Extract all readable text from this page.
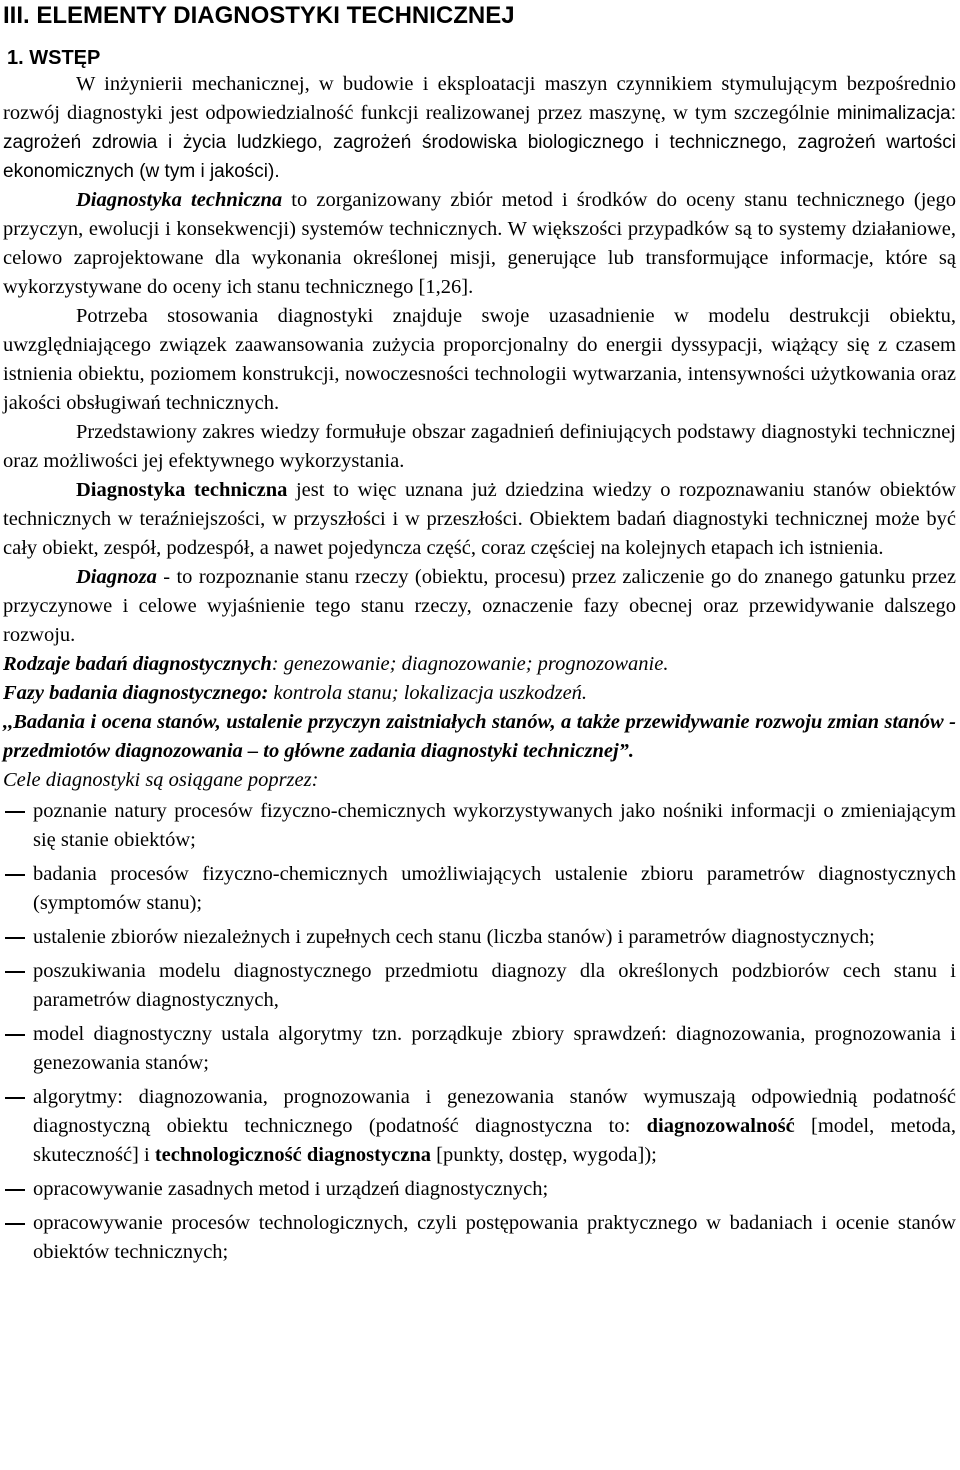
III. ELEMENTY DIAGNOSTYKI TECHNICZNEJ
1. WSTĘP

W inżynierii mechanicznej, w budowie i eksploatacji maszyn czynnikiem stymulującym bezpośrednio rozwój diagnostyki jest odpowiedzialność funkcji realizowanej przez maszynę, w tym szczególnie minimalizacja: zagrożeń zdrowia i życia ludzkiego, zagrożeń środowiska biologicznego i technicznego, zagrożeń wartości ekonomicznych (w tym i jakości).

Diagnostyka techniczna to zorganizowany zbiór metod i środków do oceny stanu technicznego (jego przyczyn, ewolucji i konsekwencji) systemów technicznych. W większości przypadków są to systemy działaniowe, celowo zaprojektowane dla wykonania określonej misji, generujące lub transformujące informacje, które są wykorzystywane do oceny ich stanu technicznego [1,26].

Potrzeba stosowania diagnostyki znajduje swoje uzasadnienie w modelu destrukcji obiektu, uwzględniającego związek zaawansowania zużycia proporcjonalny do energii dyssypacji, wiążący się z czasem istnienia obiektu, poziomem konstrukcji, nowoczesności technologii wytwarzania, intensywności użytkowania oraz jakości obsługiwań technicznych.

Przedstawiony zakres wiedzy formułuje obszar zagadnień definiujących podstawy diagnostyki technicznej oraz możliwości jej efektywnego wykorzystania.

Diagnostyka techniczna jest to więc uznana już dziedzina wiedzy o rozpoznawaniu stanów obiektów technicznych w teraźniejszości, w przyszłości i w przeszłości. Obiektem badań diagnostyki technicznej może być cały obiekt, zespół, podzespół, a nawet pojedyncza część, coraz częściej na kolejnych etapach ich istnienia.

Diagnoza - to rozpoznanie stanu rzeczy (obiektu, procesu) przez zaliczenie go do znanego gatunku przez przyczynowe i celowe wyjaśnienie tego stanu rzeczy, oznaczenie fazy obecnej oraz przewidywanie dalszego rozwoju.

Rodzaje badań diagnostycznych: genezowanie; diagnozowanie; prognozowanie.

Fazy badania diagnostycznego: kontrola stanu; lokalizacja uszkodzeń.

,,Badania i ocena stanów, ustalenie przyczyn zaistniałych stanów, a także przewidywanie rozwoju zmian stanów - przedmiotów diagnozowania – to główne zadania diagnostyki technicznej”.

Cele diagnostyki są osiągane poprzez:

poznanie natury procesów fizyczno-chemicznych wykorzystywanych jako nośniki informacji o zmieniającym się stanie obiektów;
badania procesów fizyczno-chemicznych umożliwiających ustalenie zbioru parametrów diagnostycznych (symptomów stanu);
ustalenie zbiorów niezależnych i zupełnych cech stanu (liczba stanów) i parametrów diagnostycznych;
poszukiwania modelu diagnostycznego przedmiotu diagnozy dla określonych podzbiorów cech stanu i parametrów diagnostycznych,
model diagnostyczny ustala algorytmy tzn. porządkuje zbiory sprawdzeń: diagnozowania, prognozowania i genezowania stanów;
algorytmy: diagnozowania, prognozowania i genezowania stanów wymuszają odpowiednią podatność diagnostyczną obiektu technicznego (podatność diagnostyczna to: diagnozowalność [model, metoda, skuteczność] i technologiczność diagnostyczna [punkty, dostęp, wygoda]);
opracowywanie zasadnych metod i urządzeń diagnostycznych;
opracowywanie procesów technologicznych, czyli postępowania praktycznego w badaniach i ocenie stanów obiektów technicznych;
